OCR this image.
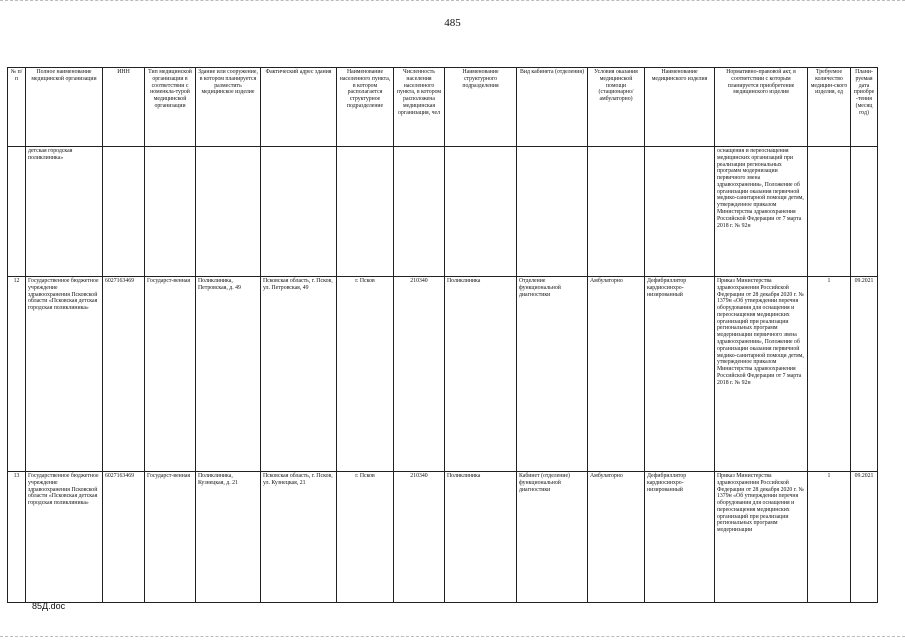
485
№ п/п	Полное наименование медицинской организации	ИНН	Тип медицинской организации в соответствии с номенкла-турой медицинской организации	Здание или сооружение, в котором планируется разместить медицинское изделие	Фактический адрес здания	Наименование населенного пункта, в котором располагается структурное подразделение	Численность населения населенного пункта, в котором расположена медицинская организация, чел	Наименование структурного подразделения	Вид кабинета (отделения)	Условия оказания медицинской помощи (стационарно/ амбулаторно)	Наименование медицинского изделия	Нормативно-правовой акт, в соответствии с которым планируется приобретение медицинского изделия	Требуемое количество медицин-ского изделия, ед	Плани-руемая дата приобре-тения (месяц год)
	детская городская поликлиника»											оснащения и переоснащения медицинских организаций при реализации региональных программ модернизации первичного звена здравоохранения», Положение об организации оказания первичной медико-санитарной помощи детям, утвержденное приказом Министерства здравоохранения Российской Федерации от 7 марта 2018 г. № 92н		
12	Государственное бюджетное учреждение здравоохранения Псковской области «Псковская детская городская поликлиника»	6027163469	Государст-венная	Поликлиника, Петровская, д. 49	Псковская область, г. Псков, ул. Петровская, 49	г. Псков	210340	Поликлиника	Отделение функциональной диагностики	Амбулаторно	Дефибриллятор кардиосинхро-низированный	Приказ Министерства здравоохранения Российской Федерации от 28 декабря 2020 г. № 1379н «Об утверждении перечня оборудования для оснащения и переоснащения медицинских организаций при реализации региональных программ модернизации первичного звена здравоохранения», Положение об организации оказания первичной медико-санитарной помощи детям, утвержденное приказом Министерства здравоохранения Российской Федерации от 7 марта 2018 г. № 92н	1	09.2021
13	Государственное бюджетное учреждение здравоохранения Псковской области «Псковская детская городская поликлиника»	6027163469	Государст-венная	Поликлиника, Кузнецкая, д. 21	Псковская область, г. Псков, ул. Кузнецкая, 21	г. Псков	210340	Поликлиника	Кабинет (отделение) функциональной диагностики	Амбулаторно	Дефибриллятор кардиосинхро-низированный	Приказ Министерства здравоохранения Российской Федерации от 28 декабря 2020 г. № 1379н «Об утверждении перечня оборудования для оснащения и переоснащения медицинских организаций при реализации региональных программ модернизации	1	09.2021
85Д.doc
